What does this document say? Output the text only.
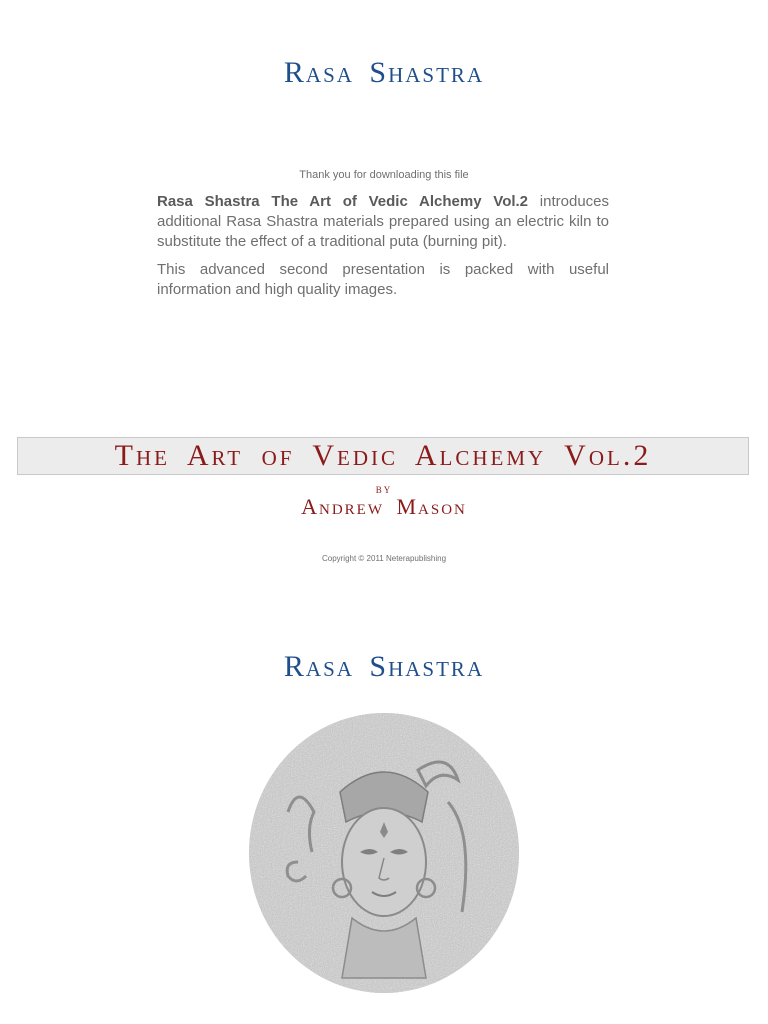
Rasa Shastra

Thank you for downloading this file

Rasa Shastra The Art of Vedic Alchemy Vol.2 introduces additional Rasa Shastra materials prepared using an electric kiln to substitute the effect of a traditional puta (burning pit).

This advanced second presentation is packed with useful information and high quality images.

The Art of Vedic Alchemy Vol.2

by

Andrew Mason

Copyright © 2011 Neterapublishing

Rasa Shastra
